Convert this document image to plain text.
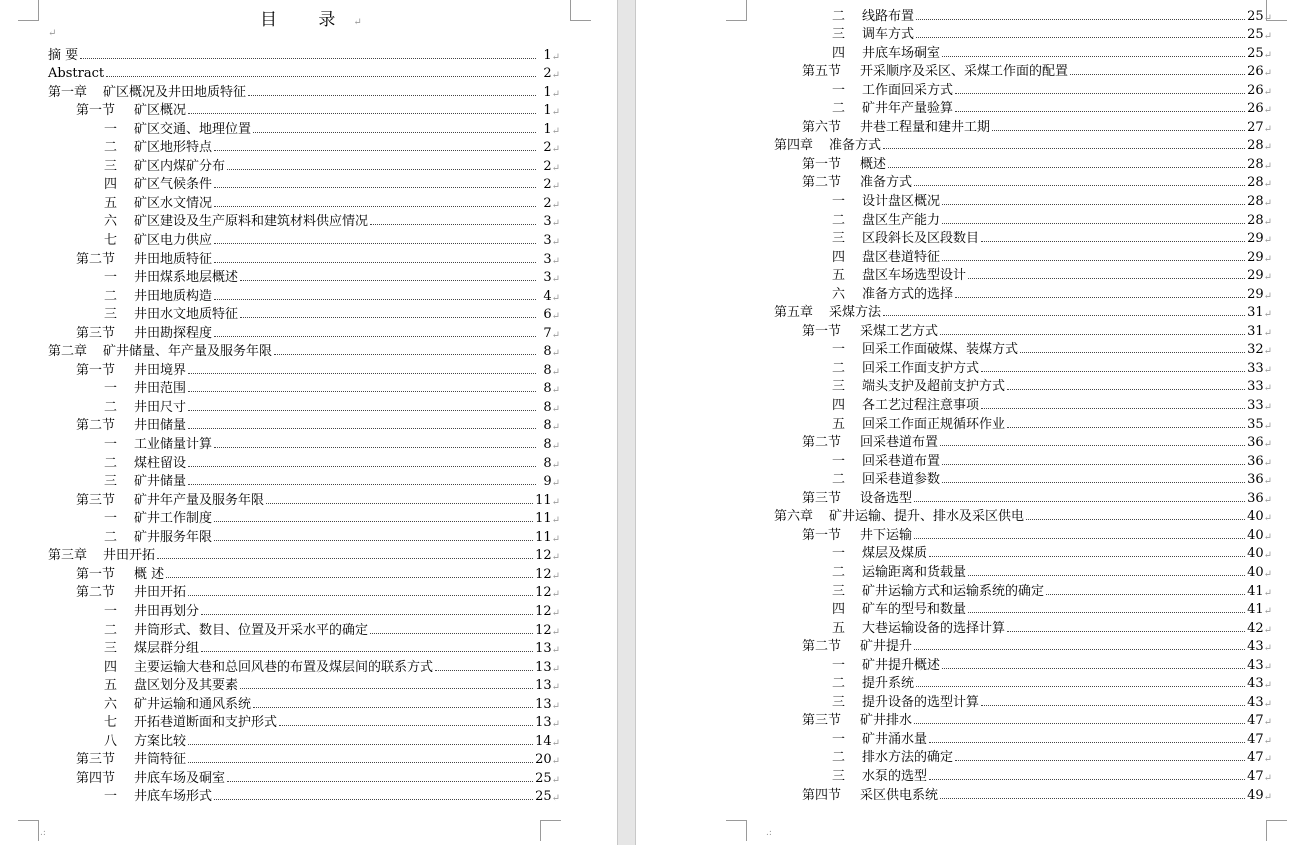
目 录↵
↵
摘 要	1 ↵
Abstract	2 ↵
第一章	矿区概况及井田地质特征	1 ↵
第一节	矿区概况	1 ↵
一	矿区交通、地理位置	1 ↵
二	矿区地形特点	2 ↵
三	矿区内煤矿分布	2 ↵
四	矿区气候条件	2 ↵
五	矿区水文情况	2 ↵
六	矿区建设及生产原料和建筑材料供应情况	3 ↵
七	矿区电力供应	3 ↵
第二节	井田地质特征	3 ↵
一	井田煤系地层概述	3 ↵
二	井田地质构造	4 ↵
三	井田水文地质特征	6 ↵
第三节	井田勘探程度	7 ↵
第二章	矿井储量、年产量及服务年限	8 ↵
第一节	井田境界	8 ↵
一	井田范围	8 ↵
二	井田尺寸	8 ↵
第二节	井田储量	8 ↵
一	工业储量计算	8 ↵
二	煤柱留设	8 ↵
三	矿井储量	9 ↵
第三节	矿井年产量及服务年限	11 ↵
一	矿井工作制度	11 ↵
二	矿井服务年限	11 ↵
第三章	井田开拓	12 ↵
第一节	概 述	12 ↵
第二节	井田开拓	12 ↵
一	井田再划分	12 ↵
二	井筒形式、数目、位置及开采水平的确定	12 ↵
三	煤层群分组	13 ↵
四	主要运输大巷和总回风巷的布置及煤层间的联系方式	13 ↵
五	盘区划分及其要素	13 ↵
六	矿井运输和通风系统	13 ↵
七	开拓巷道断面和支护形式	13 ↵
八	方案比较	14 ↵
第三节	井筒特征	20 ↵
第四节	井底车场及硐室	25 ↵
一	井底车场形式	25 ↵
.:
二	线路布置	25 ↵
三	调车方式	25 ↵
四	井底车场硐室	25 ↵
第五节	开采顺序及采区、采煤工作面的配置	26 ↵
一	工作面回采方式	26 ↵
二	矿井年产量验算	26 ↵
第六节	井巷工程量和建井工期	27 ↵
第四章	准备方式	28 ↵
第一节	概述	28 ↵
第二节	准备方式	28 ↵
一	设计盘区概况	28 ↵
二	盘区生产能力	28 ↵
三	区段斜长及区段数目	29 ↵
四	盘区巷道特征	29 ↵
五	盘区车场选型设计	29 ↵
六	准备方式的选择	29 ↵
第五章	采煤方法	31 ↵
第一节	采煤工艺方式	31 ↵
一	回采工作面破煤、装煤方式	32 ↵
二	回采工作面支护方式	33 ↵
三	端头支护及超前支护方式	33 ↵
四	各工艺过程注意事项	33 ↵
五	回采工作面正规循环作业	35 ↵
第二节	回采巷道布置	36 ↵
一	回采巷道布置	36 ↵
二	回采巷道参数	36 ↵
第三节	设备选型	36 ↵
第六章	矿井运输、提升、排水及采区供电	40 ↵
第一节	井下运输	40 ↵
一	煤层及煤质	40 ↵
二	运输距离和货载量	40 ↵
三	矿井运输方式和运输系统的确定	41 ↵
四	矿车的型号和数量	41 ↵
五	大巷运输设备的选择计算	42 ↵
第二节	矿井提升	43 ↵
一	矿井提升概述	43 ↵
二	提升系统	43 ↵
三	提升设备的选型计算	43 ↵
第三节	矿井排水	47 ↵
一	矿井涌水量	47 ↵
二	排水方法的确定	47 ↵
三	水泵的选型	47 ↵
第四节	采区供电系统	49 ↵
.:
